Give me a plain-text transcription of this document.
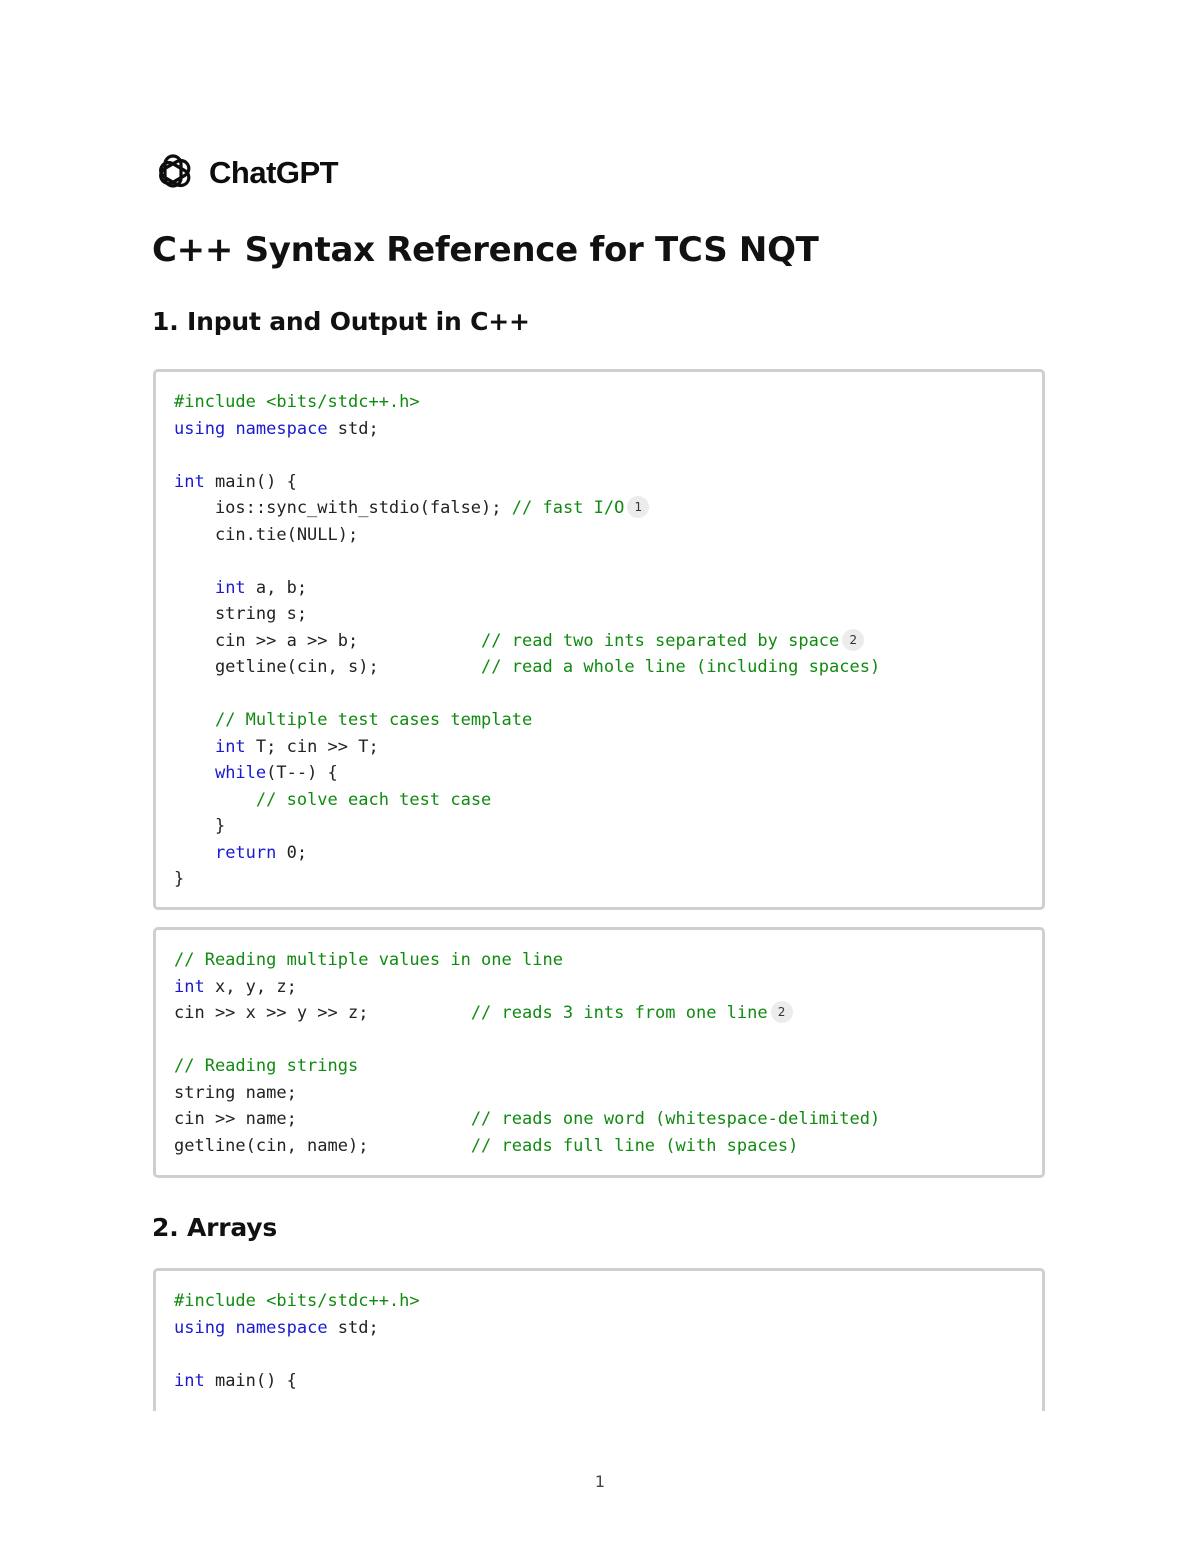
ChatGPT
C++ Syntax Reference for TCS NQT
1. Input and Output in C++
#include <bits/stdc++.h>
using namespace std;

int main() {
ios::sync_with_stdio(false); // fast I/O 1
cin.tie(NULL);

int a, b;
string s;
cin >> a >> b;            // read two ints separated by space 2
getline(cin, s);          // read a whole line (including spaces)

// Multiple test cases template
int T; cin >> T;
while(T--) {
// solve each test case
}
return 0;
}
// Reading multiple values in one line
int x, y, z;
cin >> x >> y >> z;          // reads 3 ints from one line 2

// Reading strings
string name;
cin >> name;                 // reads one word (whitespace-delimited)
getline(cin, name);          // reads full line (with spaces)
2. Arrays
#include <bits/stdc++.h>
using namespace std;

int main() {
1
